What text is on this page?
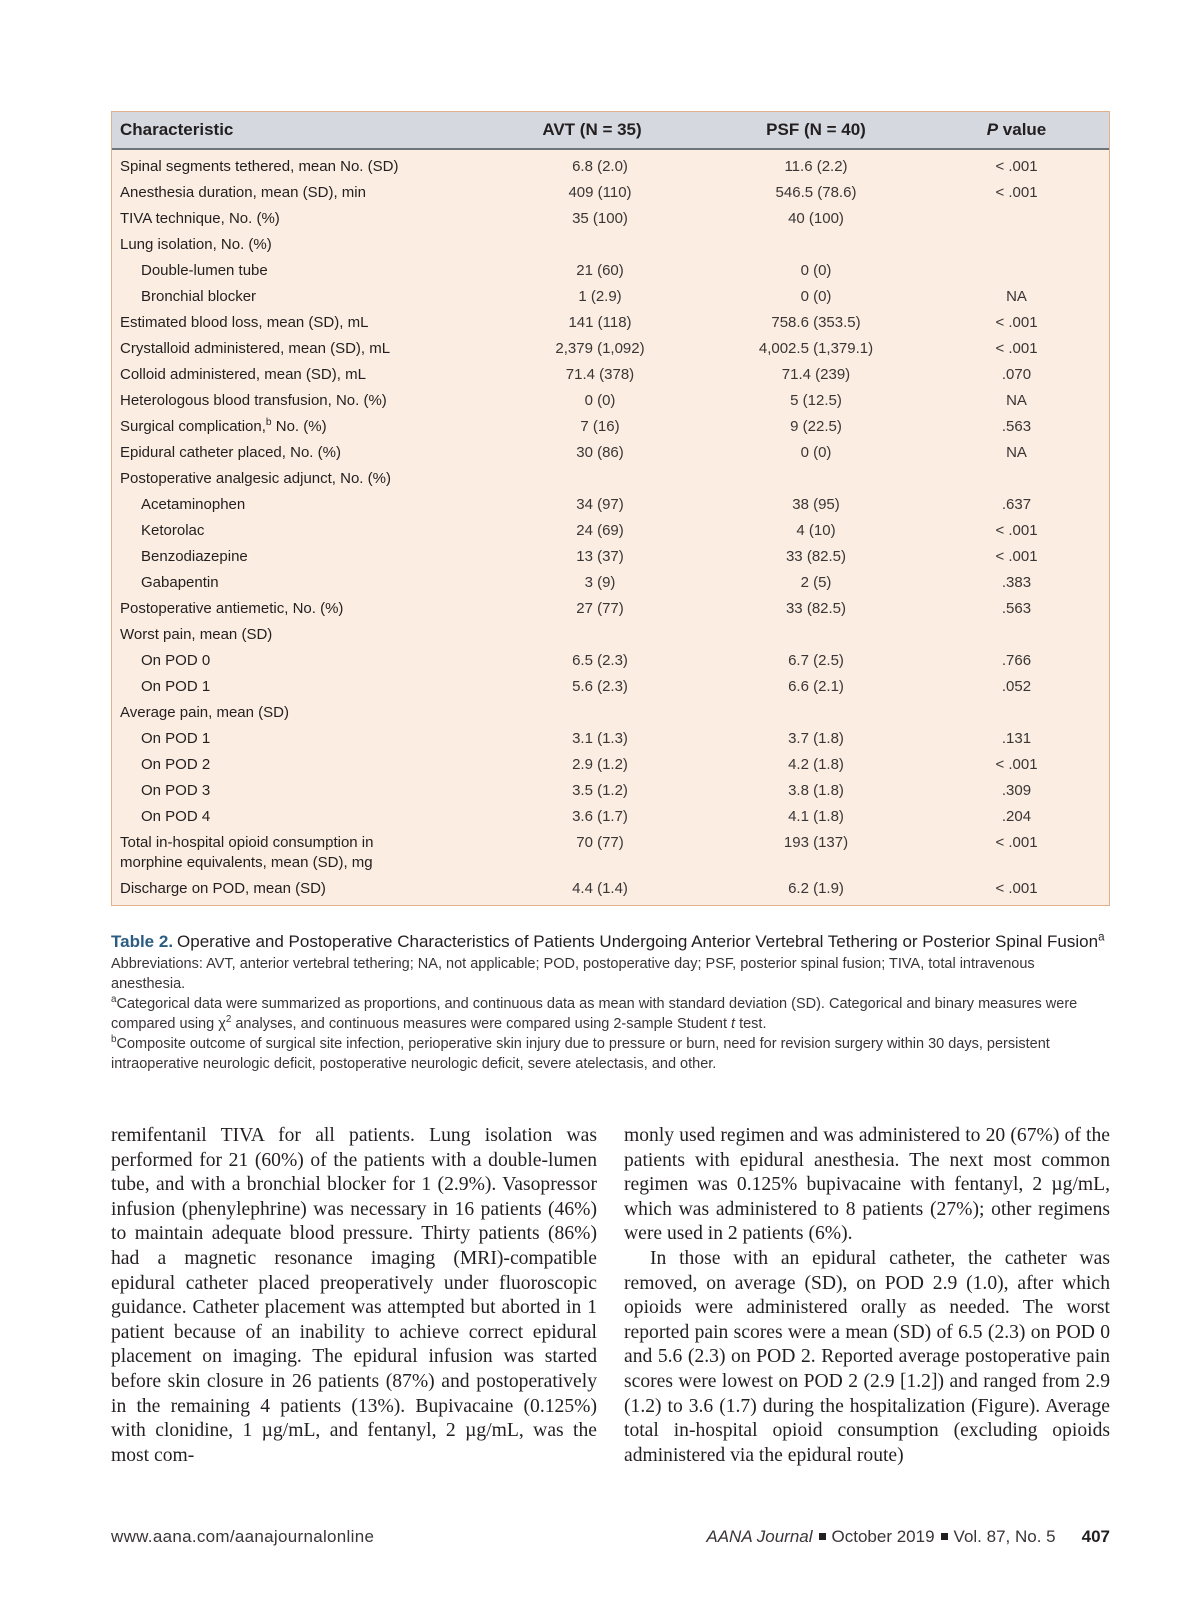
Characteristic	AVT (N = 35)	PSF (N = 40)	P value
Spinal segments tethered, mean No. (SD)	6.8 (2.0)	11.6 (2.2)	< .001
Anesthesia duration, mean (SD), min	409 (110)	546.5 (78.6)	< .001
TIVA technique, No. (%)	35 (100)	40 (100)
Lung isolation, No. (%)
Double-lumen tube	21 (60)	0 (0)
Bronchial blocker	1 (2.9)	0 (0)	NA
Estimated blood loss, mean (SD), mL	141 (118)	758.6 (353.5)	< .001
Crystalloid administered, mean (SD), mL	2,379 (1,092)	4,002.5 (1,379.1)	< .001
Colloid administered, mean (SD), mL	71.4 (378)	71.4 (239)	.070
Heterologous blood transfusion, No. (%)	0 (0)	5 (12.5)	NA
Surgical complication,$^b$ No. (%)	7 (16)	9 (22.5)	.563
Epidural catheter placed, No. (%)	30 (86)	0 (0)	NA
Postoperative analgesic adjunct, No. (%)
Acetaminophen	34 (97)	38 (95)	.637
Ketorolac	24 (69)	4 (10)	< .001
Benzodiazepine	13 (37)	33 (82.5)	< .001
Gabapentin	3 (9)	2 (5)	.383
Postoperative antiemetic, No. (%)	27 (77)	33 (82.5)	.563
Worst pain, mean (SD)
On POD 0	6.5 (2.3)	6.7 (2.5)	.766
On POD 1	5.6 (2.3)	6.6 (2.1)	.052
Average pain, mean (SD)
On POD 1	3.1 (1.3)	3.7 (1.8)	.131
On POD 2	2.9 (1.2)	4.2 (1.8)	< .001
On POD 3	3.5 (1.2)	3.8 (1.8)	.309
On POD 4	3.6 (1.7)	4.1 (1.8)	.204
Total in-hospital opioid consumption in
morphine equivalents, mean (SD), mg
70 (77)	193 (137)	< .001
Discharge on POD, mean (SD)	4.4 (1.4)	6.2 (1.9)	< .001
Table 2. Operative and Postoperative Characteristics of Patients Undergoing Anterior Vertebral Tethering or Posterior Spinal Fusion$^a$
Abbreviations: AVT, anterior vertebral tethering; NA, not applicable; POD, postoperative day; PSF, posterior spinal fusion; TIVA, total intravenous anesthesia.
$^a$Categorical data were summarized as proportions, and continuous data as mean with standard deviation (SD). Categorical and binary measures were compared using $\chi^2$ analyses, and continuous measures were compared using 2-sample Student t test.
$^b$Composite outcome of surgical site infection, perioperative skin injury due to pressure or burn, need for revision surgery within 30 days, persistent intraoperative neurologic deficit, postoperative neurologic deficit, severe atelectasis, and other.

remifentanil TIVA for all patients. Lung isolation was performed for 21 (60%) of the patients with a double-lumen tube, and with a bronchial blocker for 1 (2.9%). Vasopressor infusion (phenylephrine) was necessary in 16 patients (46%) to maintain adequate blood pressure. Thirty patients (86%) had a magnetic resonance imaging (MRI)-compatible epidural catheter placed preoperatively under fluoroscopic guidance. Catheter placement was attempted but aborted in 1 patient because of an inability to achieve correct epidural placement on imaging. The epidural infusion was started before skin closure in 26 patients (87%) and postoperatively in the remaining 4 patients (13%). Bupivacaine (0.125%) with clonidine, 1 µg/mL, and fentanyl, 2 µg/mL, was the most com-

monly used regimen and was administered to 20 (67%) of the patients with epidural anesthesia. The next most common regimen was 0.125% bupivacaine with fentanyl, 2 µg/mL, which was administered to 8 patients (27%); other regimens were used in 2 patients (6%).

In those with an epidural catheter, the catheter was removed, on average (SD), on POD 2.9 (1.0), after which opioids were administered orally as needed. The worst reported pain scores were a mean (SD) of 6.5 (2.3) on POD 0 and 5.6 (2.3) on POD 2. Reported average postoperative pain scores were lowest on POD 2 (2.9 [1.2]) and ranged from 2.9 (1.2) to 3.6 (1.7) during the hospitalization (Figure). Average total in-hospital opioid consumption (excluding opioids administered via the epidural route)

www.aana.com/aanajournalonline	AANA Journal October 2019 Vol. 87, No. 5 407
